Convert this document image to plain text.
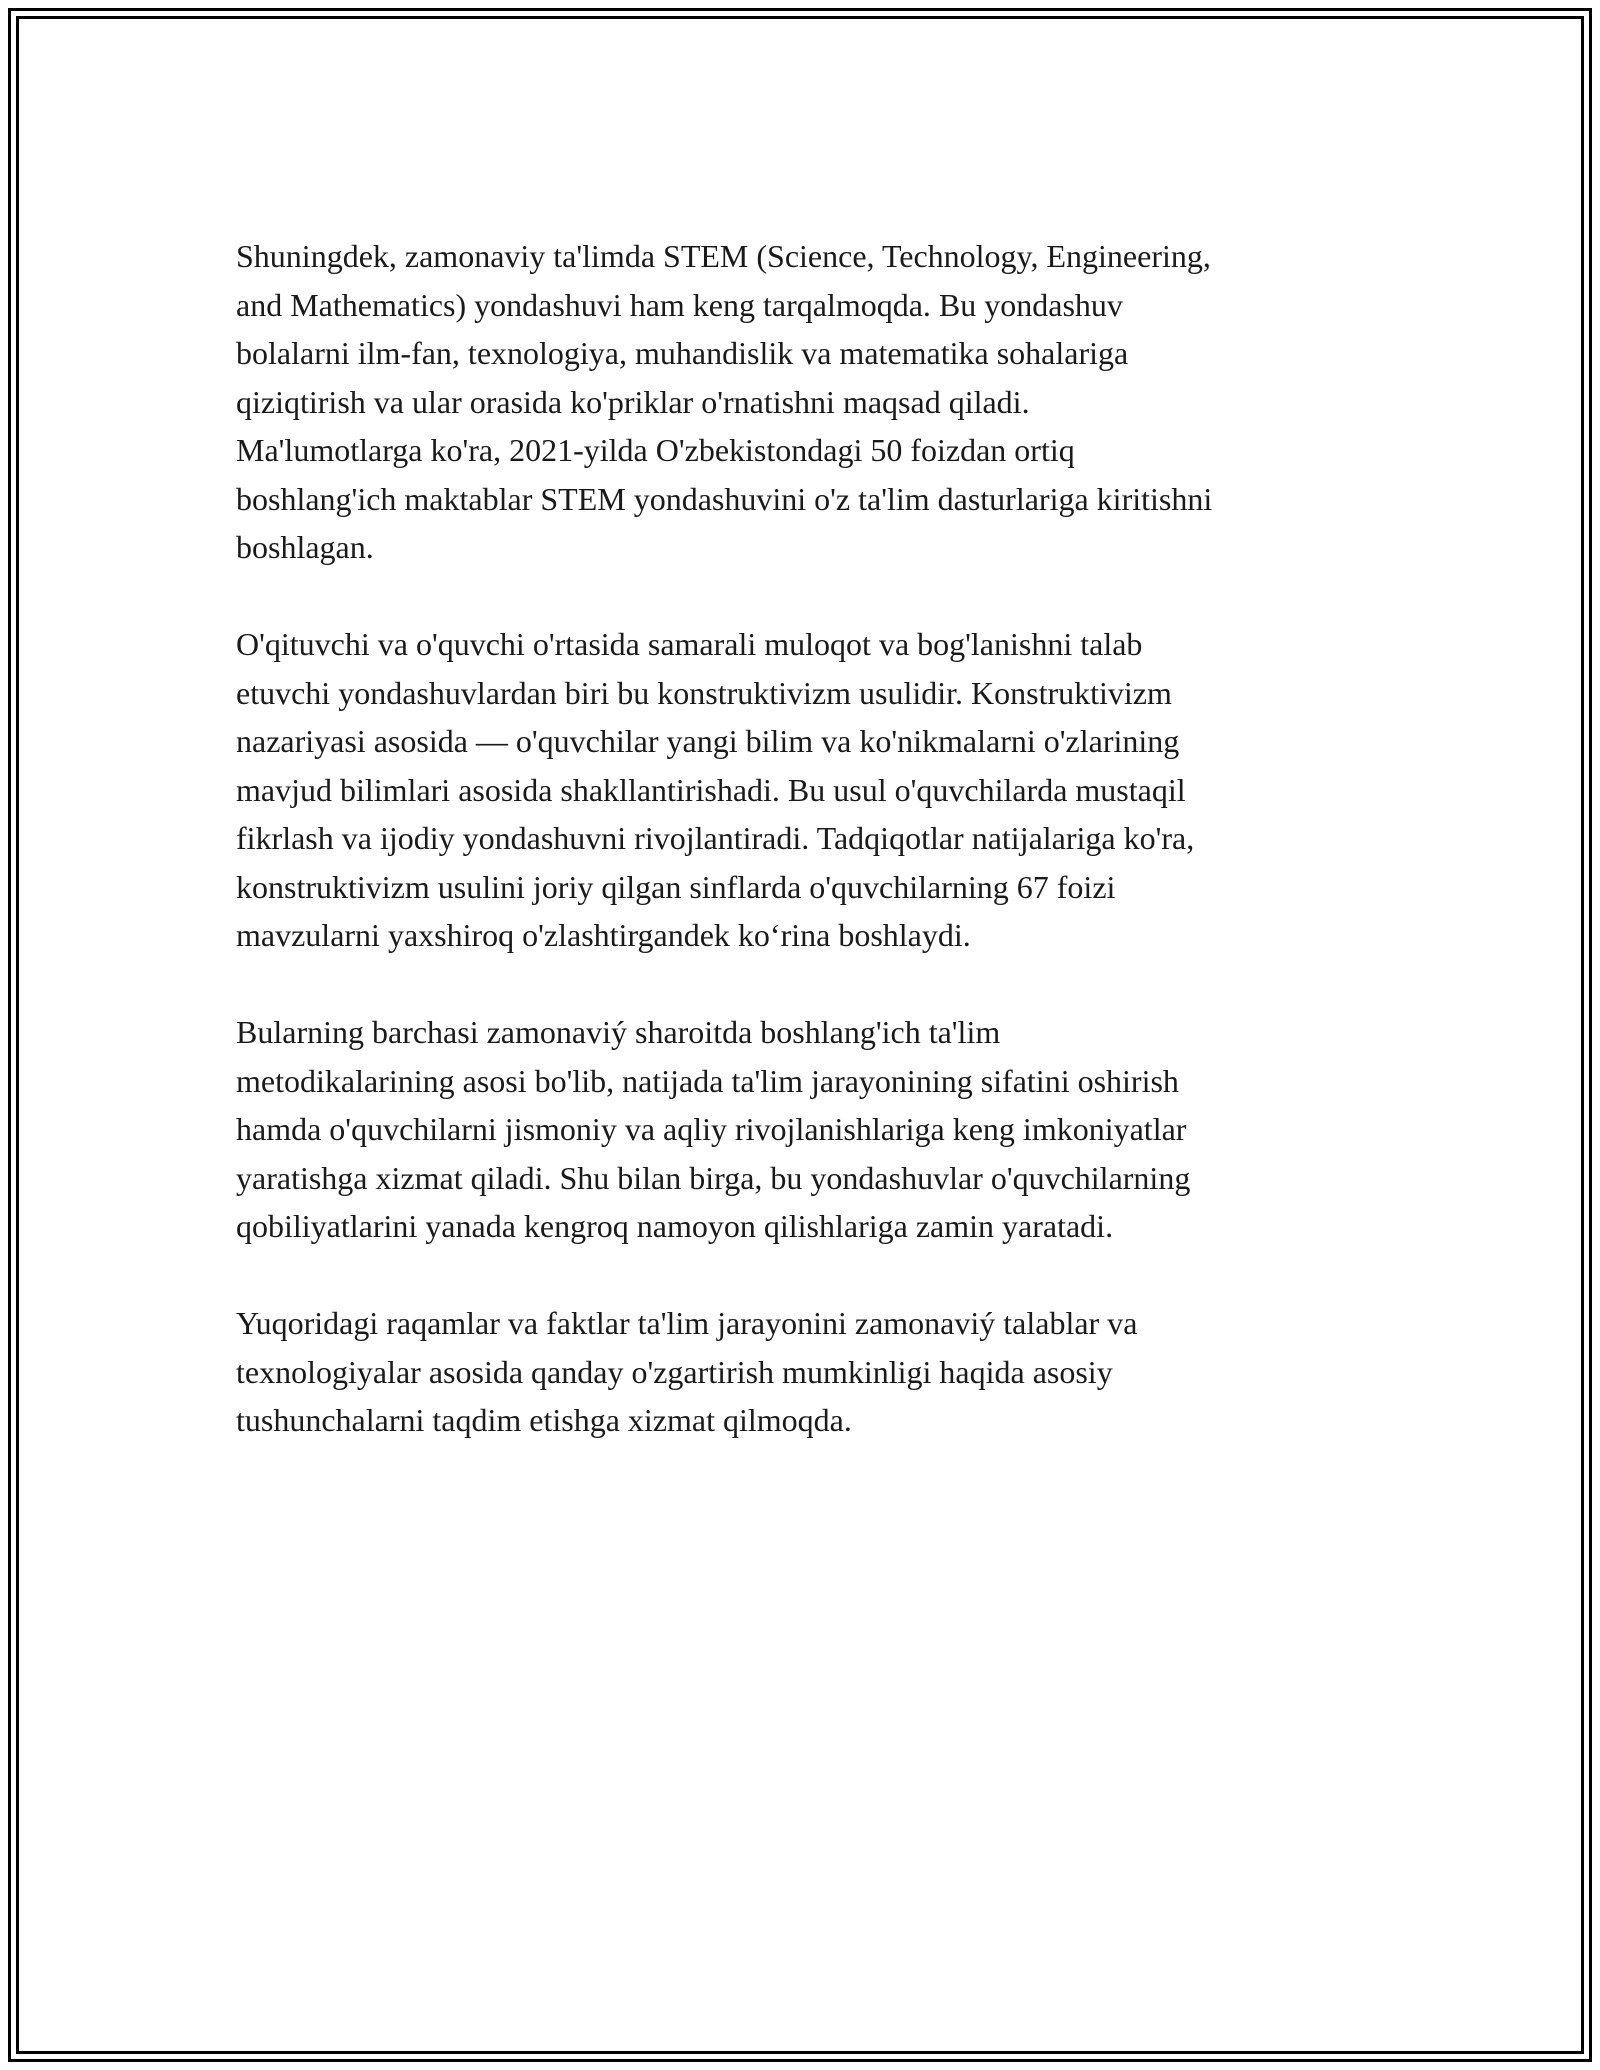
Shuningdek, zamonaviy ta'limda STEM (Science, Technology, Engineering,
and Mathematics) yondashuvi ham keng tarqalmoqda. Bu yondashuv
bolalarni ilm-fan, texnologiya, muhandislik va matematika sohalariga
qiziqtirish va ular orasida ko'priklar o'rnatishni maqsad qiladi.
Ma'lumotlarga ko'ra, 2021-yilda O'zbekistondagi 50 foizdan ortiq
boshlang'ich maktablar STEM yondashuvini o'z ta'lim dasturlariga kiritishni
boshlagan.

O'qituvchi va o'quvchi o'rtasida samarali muloqot va bog'lanishni talab
etuvchi yondashuvlardan biri bu konstruktivizm usulidir. Konstruktivizm
nazariyasi asosida — o'quvchilar yangi bilim va ko'nikmalarni o'zlarining
mavjud bilimlari asosida shakllantirishadi. Bu usul o'quvchilarda mustaqil
fikrlash va ijodiy yondashuvni rivojlantiradi. Tadqiqotlar natijalariga ko'ra,
konstruktivizm usulini joriy qilgan sinflarda o'quvchilarning 67 foizi
mavzularni yaxshiroq o'zlashtirgandek ko‘rina boshlaydi.

Bularning barchasi zamonaviý sharoitda boshlang'ich ta'lim
metodikalarining asosi bo'lib, natijada ta'lim jarayonining sifatini oshirish
hamda o'quvchilarni jismoniy va aqliy rivojlanishlariga keng imkoniyatlar
yaratishga xizmat qiladi. Shu bilan birga, bu yondashuvlar o'quvchilarning
qobiliyatlarini yanada kengroq namoyon qilishlariga zamin yaratadi.

Yuqoridagi raqamlar va faktlar ta'lim jarayonini zamonaviý talablar va
texnologiyalar asosida qanday o'zgartirish mumkinligi haqida asosiy
tushunchalarni taqdim etishga xizmat qilmoqda.
